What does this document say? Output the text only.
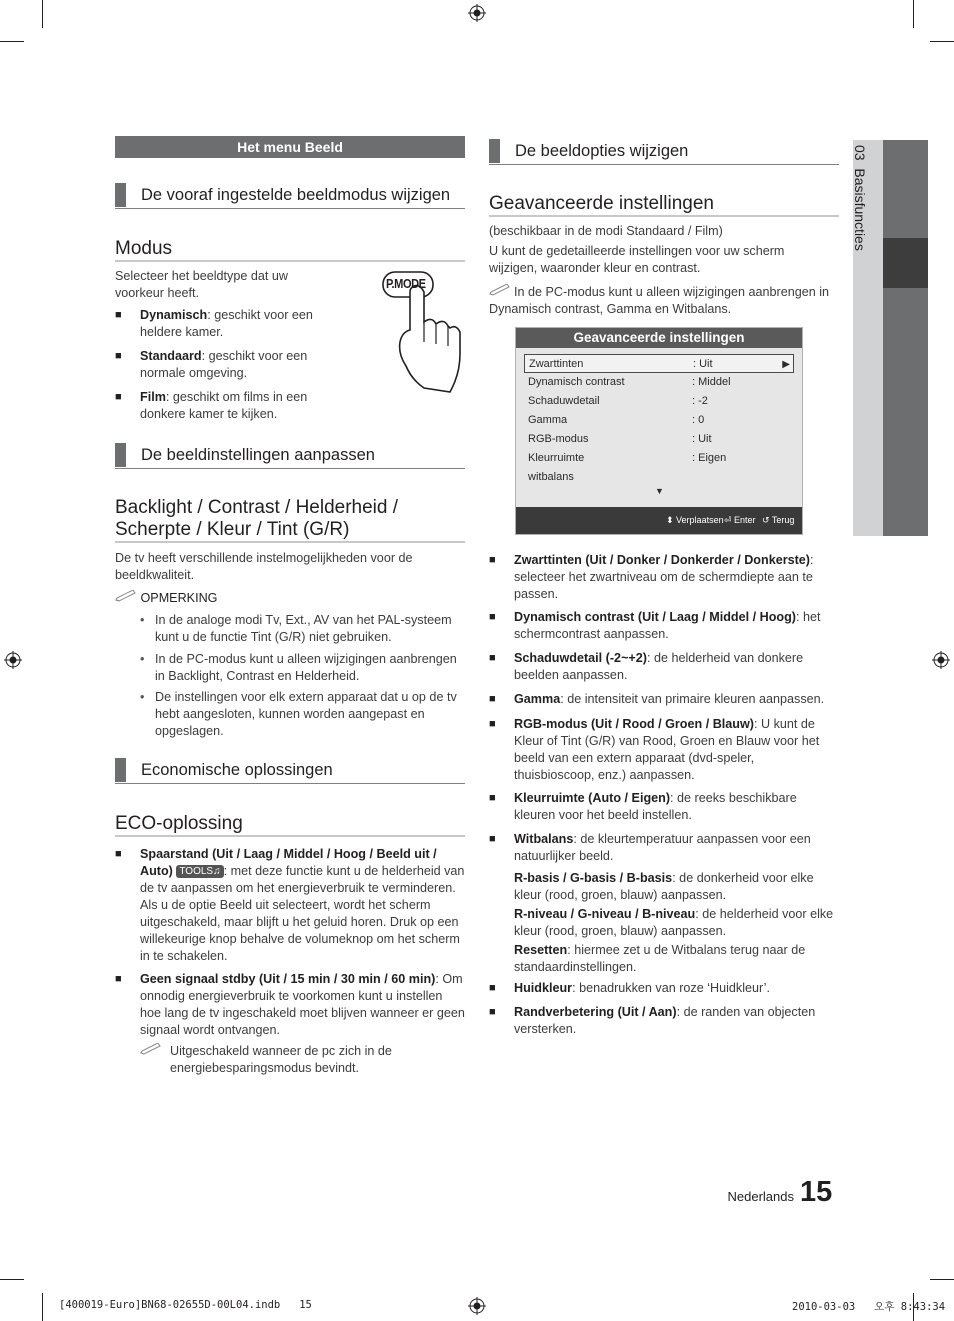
03  Basisfuncties
Het menu Beeld
De vooraf ingestelde beeldmodus wijzigen
Modus
Selecteer het beeldtype dat uw voorkeur heeft.
P.MODE
■ Dynamisch: geschikt voor een heldere kamer.
■ Standaard: geschikt voor een normale omgeving.
■ Film: geschikt om films in een donkere kamer te kijken.
De beeldinstellingen aanpassen
Backlight / Contrast / Helderheid / Scherpte / Kleur / Tint (G/R)
De tv heeft verschillende instelmogelijkheden voor de beeldkwaliteit.
OPMERKING
• In de analoge modi Tv, Ext., AV van het PAL-systeem kunt u de functie Tint (G/R) niet gebruiken.
• In de PC-modus kunt u alleen wijzigingen aanbrengen in Backlight, Contrast en Helderheid.
• De instellingen voor elk extern apparaat dat u op de tv hebt aangesloten, kunnen worden aangepast en opgeslagen.
Economische oplossingen
ECO-oplossing
■ Spaarstand (Uit / Laag / Middel / Hoog / Beeld uit / Auto) TOOLS♫ : met deze functie kunt u de helderheid van de tv aanpassen om het energieverbruik te verminderen. Als u de optie Beeld uit selecteert, wordt het scherm uitgeschakeld, maar blijft u het geluid horen. Druk op een willekeurige knop behalve de volumeknop om het scherm in te schakelen.
■ Geen signaal stdby (Uit / 15 min / 30 min / 60 min): Om onnodig energieverbruik te voorkomen kunt u instellen hoe lang de tv ingeschakeld moet blijven wanneer er geen signaal wordt ontvangen.
Uitgeschakeld wanneer de pc zich in de energiebesparingsmodus bevindt.
De beeldopties wijzigen
Geavanceerde instellingen
(beschikbaar in de modi Standaard / Film)
U kunt de gedetailleerde instellingen voor uw scherm wijzigen, waaronder kleur en contrast.
In de PC-modus kunt u alleen wijzigingen aanbrengen in Dynamisch contrast, Gamma en Witbalans.
Geavanceerde instellingen
Zwarttinten	: Uit	▶
Dynamisch contrast	: Middel
Schaduwdetail	: -2
Gamma	: 0
RGB-modus	: Uit
Kleurruimte	: Eigen
witbalans
▼
⬍ Verplaatsen ⏎ Enter ↺ Terug
■ Zwarttinten (Uit / Donker / Donkerder / Donkerste): selecteer het zwartniveau om de schermdiepte aan te passen.
■ Dynamisch contrast (Uit / Laag / Middel / Hoog): het schermcontrast aanpassen.
■ Schaduwdetail (-2~+2): de helderheid van donkere beelden aanpassen.
■ Gamma: de intensiteit van primaire kleuren aanpassen.
■ RGB-modus (Uit / Rood / Groen / Blauw): U kunt de Kleur of Tint (G/R) van Rood, Groen en Blauw voor het beeld van een extern apparaat (dvd-speler, thuisbioscoop, enz.) aanpassen.
■ Kleurruimte (Auto / Eigen): de reeks beschikbare kleuren voor het beeld instellen.
■ Witbalans: de kleurtemperatuur aanpassen voor een natuurlijker beeld.
R-basis / G-basis / B-basis: de donkerheid voor elke kleur (rood, groen, blauw) aanpassen.
R-niveau / G-niveau / B-niveau: de helderheid voor elke kleur (rood, groen, blauw) aanpassen.
Resetten: hiermee zet u de Witbalans terug naar de standaardinstellingen.
■ Huidkleur: benadrukken van roze ‘Huidkleur’.
■ Randverbetering (Uit / Aan): de randen van objecten versterken.
Nederlands 15
[400019-Euro]BN68-02655D-00L04.indb   15	2010-03-03   오후 8:43:34
